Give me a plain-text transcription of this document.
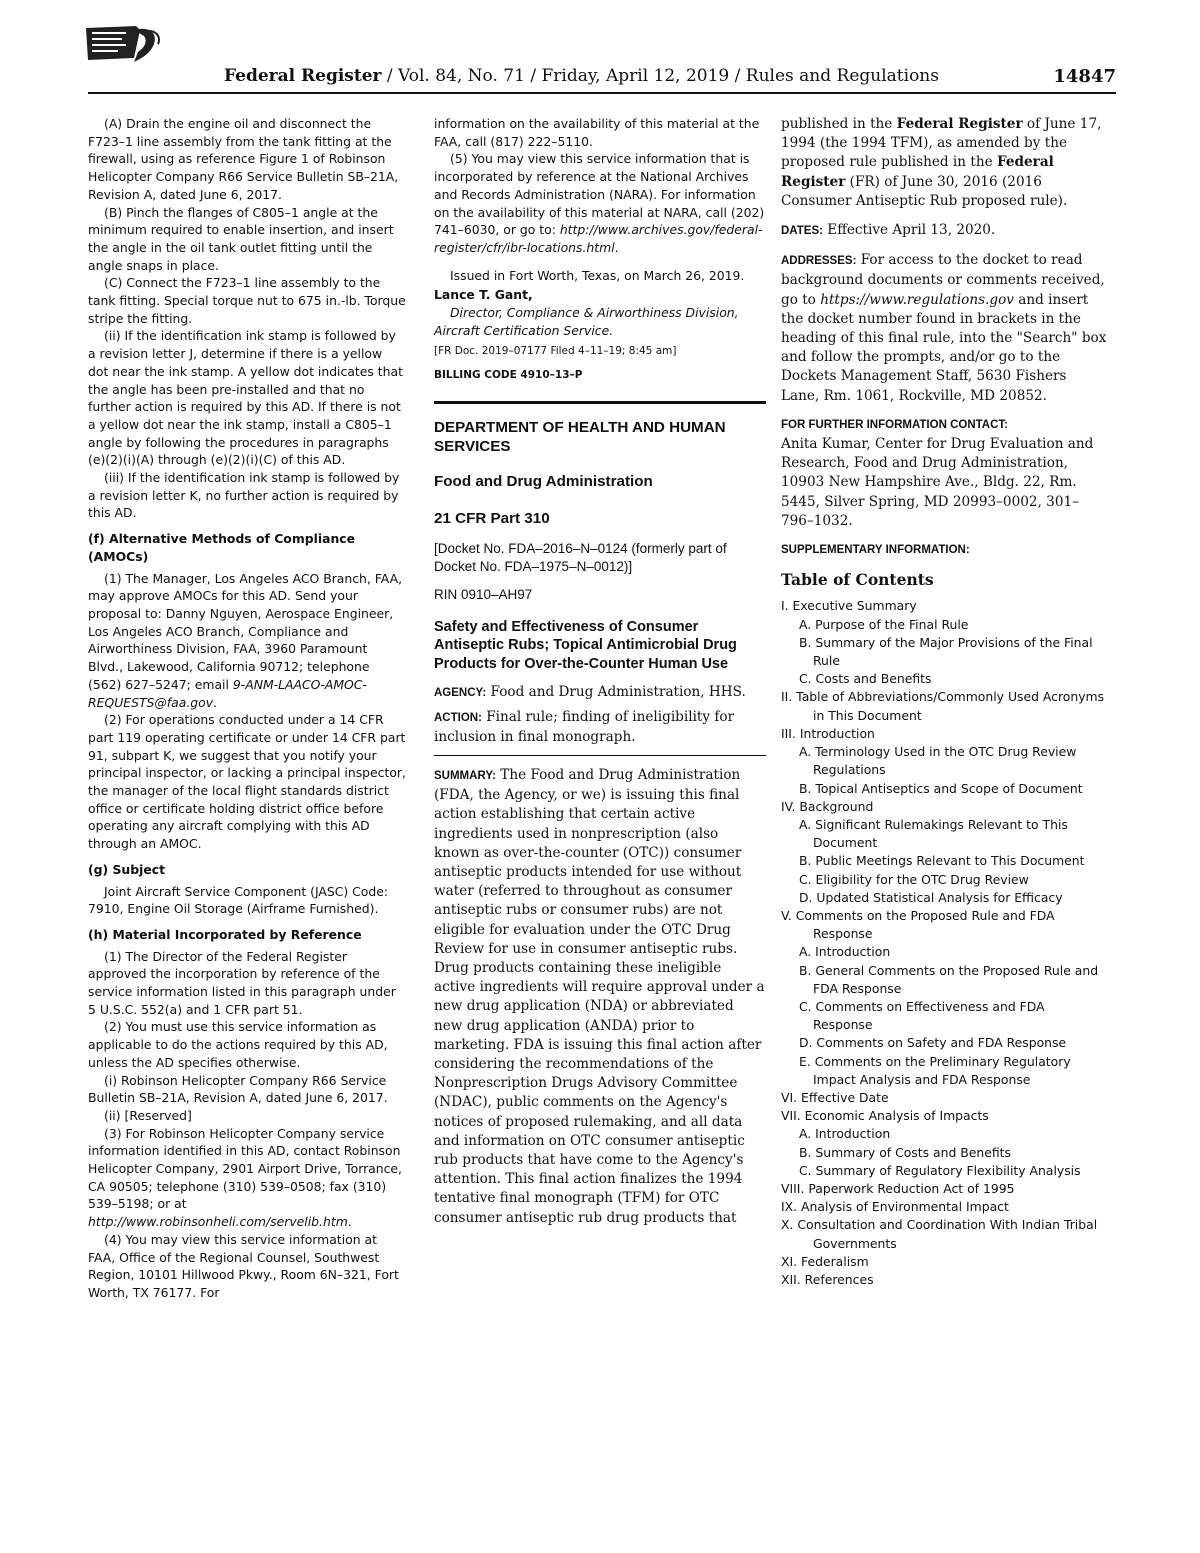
Federal Register / Vol. 84, No. 71 / Friday, April 12, 2019 / Rules and Regulations	14847

(A) Drain the engine oil and disconnect the F723–1 line assembly from the tank fitting at the firewall, using as reference Figure 1 of Robinson Helicopter Company R66 Service Bulletin SB–21A, Revision A, dated June 6, 2017.

(B) Pinch the flanges of C805–1 angle at the minimum required to enable insertion, and insert the angle in the oil tank outlet fitting until the angle snaps in place.

(C) Connect the F723–1 line assembly to the tank fitting. Special torque nut to 675 in.-lb. Torque stripe the fitting.

(ii) If the identification ink stamp is followed by a revision letter J, determine if there is a yellow dot near the ink stamp. A yellow dot indicates that the angle has been pre-installed and that no further action is required by this AD. If there is not a yellow dot near the ink stamp, install a C805–1 angle by following the procedures in paragraphs (e)(2)(i)(A) through (e)(2)(i)(C) of this AD.

(iii) If the identification ink stamp is followed by a revision letter K, no further action is required by this AD.

(f) Alternative Methods of Compliance (AMOCs)

(1) The Manager, Los Angeles ACO Branch, FAA, may approve AMOCs for this AD. Send your proposal to: Danny Nguyen, Aerospace Engineer, Los Angeles ACO Branch, Compliance and Airworthiness Division, FAA, 3960 Paramount Blvd., Lakewood, California 90712; telephone (562) 627–5247; email 9-ANM-LAACO-AMOC-REQUESTS@faa.gov.

(2) For operations conducted under a 14 CFR part 119 operating certificate or under 14 CFR part 91, subpart K, we suggest that you notify your principal inspector, or lacking a principal inspector, the manager of the local flight standards district office or certificate holding district office before operating any aircraft complying with this AD through an AMOC.

(g) Subject

Joint Aircraft Service Component (JASC) Code: 7910, Engine Oil Storage (Airframe Furnished).

(h) Material Incorporated by Reference

(1) The Director of the Federal Register approved the incorporation by reference of the service information listed in this paragraph under 5 U.S.C. 552(a) and 1 CFR part 51.

(2) You must use this service information as applicable to do the actions required by this AD, unless the AD specifies otherwise.

(i) Robinson Helicopter Company R66 Service Bulletin SB–21A, Revision A, dated June 6, 2017.

(ii) [Reserved]

(3) For Robinson Helicopter Company service information identified in this AD, contact Robinson Helicopter Company, 2901 Airport Drive, Torrance, CA 90505; telephone (310) 539–0508; fax (310) 539–5198; or at http://www.robinsonheli.com/servelib.htm.

(4) You may view this service information at FAA, Office of the Regional Counsel, Southwest Region, 10101 Hillwood Pkwy., Room 6N–321, Fort Worth, TX 76177. For

information on the availability of this material at the FAA, call (817) 222–5110.

(5) You may view this service information that is incorporated by reference at the National Archives and Records Administration (NARA). For information on the availability of this material at NARA, call (202) 741–6030, or go to: http://www.archives.gov/federal-register/cfr/ibr-locations.html.

Issued in Fort Worth, Texas, on March 26, 2019.

Lance T. Gant,

Director, Compliance & Airworthiness Division, Aircraft Certification Service.

[FR Doc. 2019–07177 Filed 4–11–19; 8:45 am]

BILLING CODE 4910–13–P

DEPARTMENT OF HEALTH AND HUMAN SERVICES

Food and Drug Administration

21 CFR Part 310

[Docket No. FDA–2016–N–0124 (formerly part of Docket No. FDA–1975–N–0012)]

RIN 0910–AH97

Safety and Effectiveness of Consumer Antiseptic Rubs; Topical Antimicrobial Drug Products for Over-the-Counter Human Use

AGENCY: Food and Drug Administration, HHS.

ACTION: Final rule; finding of ineligibility for inclusion in final monograph.

SUMMARY: The Food and Drug Administration (FDA, the Agency, or we) is issuing this final action establishing that certain active ingredients used in nonprescription (also known as over-the-counter (OTC)) consumer antiseptic products intended for use without water (referred to throughout as consumer antiseptic rubs or consumer rubs) are not eligible for evaluation under the OTC Drug Review for use in consumer antiseptic rubs. Drug products containing these ineligible active ingredients will require approval under a new drug application (NDA) or abbreviated new drug application (ANDA) prior to marketing. FDA is issuing this final action after considering the recommendations of the Nonprescription Drugs Advisory Committee (NDAC), public comments on the Agency's notices of proposed rulemaking, and all data and information on OTC consumer antiseptic rub products that have come to the Agency's attention. This final action finalizes the 1994 tentative final monograph (TFM) for OTC consumer antiseptic rub drug products that

published in the Federal Register of June 17, 1994 (the 1994 TFM), as amended by the proposed rule published in the Federal Register (FR) of June 30, 2016 (2016 Consumer Antiseptic Rub proposed rule).

DATES: Effective April 13, 2020.

ADDRESSES: For access to the docket to read background documents or comments received, go to https://www.regulations.gov and insert the docket number found in brackets in the heading of this final rule, into the "Search" box and follow the prompts, and/or go to the Dockets Management Staff, 5630 Fishers Lane, Rm. 1061, Rockville, MD 20852.

FOR FURTHER INFORMATION CONTACT:

Anita Kumar, Center for Drug Evaluation and Research, Food and Drug Administration, 10903 New Hampshire Ave., Bldg. 22, Rm. 5445, Silver Spring, MD 20993–0002, 301–796–1032.

SUPPLEMENTARY INFORMATION:

Table of Contents

I. Executive Summary
A. Purpose of the Final Rule
B. Summary of the Major Provisions of the Final Rule
C. Costs and Benefits
II. Table of Abbreviations/Commonly Used Acronyms in This Document
III. Introduction
A. Terminology Used in the OTC Drug Review Regulations
B. Topical Antiseptics and Scope of Document
IV. Background
A. Significant Rulemakings Relevant to This Document
B. Public Meetings Relevant to This Document
C. Eligibility for the OTC Drug Review
D. Updated Statistical Analysis for Efficacy
V. Comments on the Proposed Rule and FDA Response
A. Introduction
B. General Comments on the Proposed Rule and FDA Response
C. Comments on Effectiveness and FDA Response
D. Comments on Safety and FDA Response
E. Comments on the Preliminary Regulatory Impact Analysis and FDA Response
VI. Effective Date
VII. Economic Analysis of Impacts
A. Introduction
B. Summary of Costs and Benefits
C. Summary of Regulatory Flexibility Analysis
VIII. Paperwork Reduction Act of 1995
IX. Analysis of Environmental Impact
X. Consultation and Coordination With Indian Tribal Governments
XI. Federalism
XII. References
